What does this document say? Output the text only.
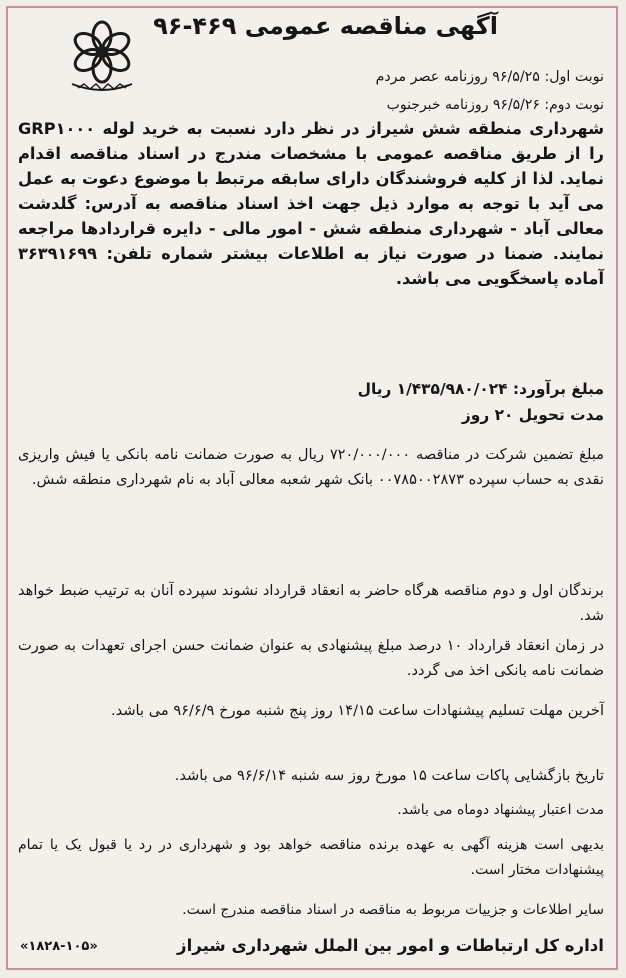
آگهی مناقصه عمومی ۴۶۹-۹۶
نوبت اول: ۹۶/۵/۲۵ روزنامه عصر مردم
نوبت دوم: ۹۶/۵/۲۶ روزنامه خبرجنوب
شهرداری منطقه شش شیراز در نظر دارد نسبت به خرید لوله GRP۱۰۰۰ را از طریق مناقصه عمومی با مشخصات مندرج در اسناد مناقصه اقدام نماید. لذا از کلیه فروشندگان دارای سابقه مرتبط با موضوع دعوت به عمل می آید با توجه به موارد ذیل جهت اخذ اسناد مناقصه به آدرس: گلدشت معالی آباد - شهرداری منطقه شش - امور مالی - دایره قراردادها مراجعه نمایند. ضمنا در صورت نیاز به اطلاعات بیشتر شماره تلفن: ۳۶۳۹۱۶۹۹ آماده پاسخگویی می باشد.
مبلغ برآورد: ۱/۴۳۵/۹۸۰/۰۲۴ ریال
مدت تحویل ۲۰ روز
مبلغ تضمین شرکت در مناقصه ۷۲۰/۰۰۰/۰۰۰ ریال به صورت ضمانت نامه بانکی یا فیش واریزی نقدی به حساب سپرده ۰۰۷۸۵۰۰۲۸۷۳ بانک شهر شعبه معالی آباد به نام شهرداری منطقه شش.
برندگان اول و دوم مناقصه هرگاه حاضر به انعقاد قرارداد نشوند سپرده آنان به ترتیب ضبط خواهد شد.
در زمان انعقاد قرارداد ۱۰ درصد مبلغ پیشنهادی به عنوان ضمانت حسن اجرای تعهدات به صورت ضمانت نامه بانکی اخذ می گردد.
آخرین مهلت تسلیم پیشنهادات ساعت ۱۴/۱۵ روز پنج شنبه مورخ ۹۶/۶/۹ می باشد.
تاریخ بازگشایی پاکات ساعت ۱۵ مورخ روز سه شنبه ۹۶/۶/۱۴ می باشد.
مدت اعتبار پیشنهاد دوماه می باشد.
بدیهی است هزینه آگهی به عهده برنده مناقصه خواهد بود و شهرداری در رد یا قبول یک یا تمام پیشنهادات مختار است.
سایر اطلاعات و جزییات مربوط به مناقصه در اسناد مناقصه مندرج است.
اداره کل ارتباطات و امور بین الملل شهرداری شیراز
«۱۸۲۸-۱۰۵»
